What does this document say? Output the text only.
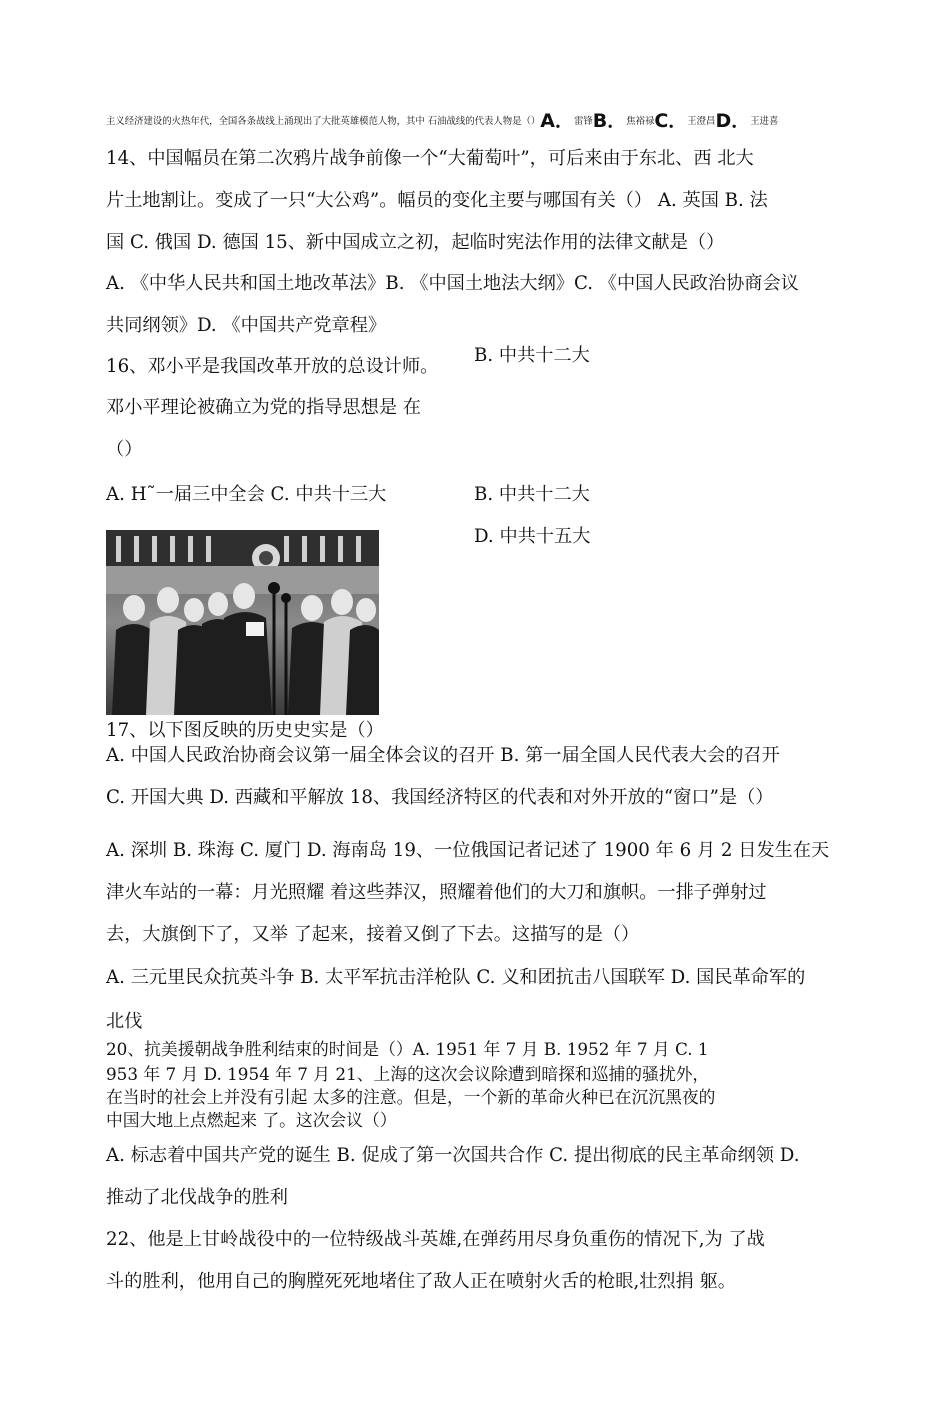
主义经济建设的火热年代，全国各条战线上涌现出了大批英雄模范人物，其中 石油战线的代表人物是（）A．雷锋B．焦裕禄C．王澄昌D．王进喜
14、中国幅员在第二次鸦片战争前像一个“大葡萄叶”，可后来由于东北、西 北大
片土地割让。变成了一只“大公鸡”。幅员的变化主要与哪国有关（） A. 英国 B. 法
国 C. 俄国 D. 德国 15、新中国成立之初，起临时宪法作用的法律文献是（）
A. 《中华人民共和国土地改革法》B. 《中国土地法大纲》C. 《中国人民政治协商会议
共同纲领》D. 《中国共产党章程》
16、邓小平是我国改革开放的总设计师。
邓小平理论被确立为党的指导思想是 在
（）
A. H˜一届三中全会 C. 中共十三大
B. 中共十二大
B. 中共十二大
D. 中共十五大
17、以下图反映的历史史实是（）
A. 中国人民政治协商会议第一届全体会议的召开 B. 第一届全国人民代表大会的召开
C. 开国大典 D. 西藏和平解放 18、我国经济特区的代表和对外开放的“窗口”是（）
A. 深圳 B. 珠海 C. 厦门 D. 海南岛 19、一位俄国记者记述了 1900 年 6 月 2 日发生在天
津火车站的一幕：月光照耀 着这些莽汉，照耀着他们的大刀和旗帜。一排子弹射过
去，大旗倒下了，又举 了起来，接着又倒了下去。这描写的是（）
A. 三元里民众抗英斗争 B. 太平军抗击洋枪队 C. 义和团抗击八国联军 D. 国民革命军的
北伐
20、抗美援朝战争胜利结束的时间是（）A. 1951 年 7 月 B. 1952 年 7 月 C. 1
953 年 7 月 D. 1954 年 7 月 21、上海的这次会议除遭到暗探和巡捕的骚扰外，
在当时的社会上并没有引起 太多的注意。但是，一个新的革命火种已在沉沉黑夜的
中国大地上点燃起来 了。这次会议（）
A. 标志着中国共产党的诞生 B. 促成了第一次国共合作 C. 提出彻底的民主革命纲领 D.
推动了北伐战争的胜利
22、他是上甘岭战役中的一位特级战斗英雄,在弹药用尽身负重伤的情况下,为 了战
斗的胜利，他用自己的胸膛死死地堵住了敌人正在喷射火舌的枪眼,壮烈捐 躯。
